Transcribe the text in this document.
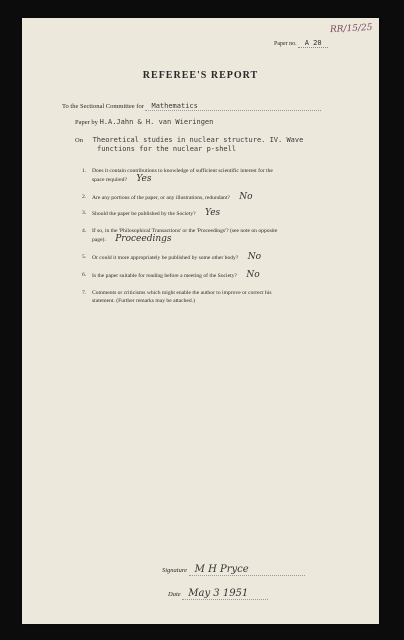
RR/15/25
Paper no. A 20
REFEREE'S REPORT
To the Sectional Committee for Mathematics
Paper by H.A.Jahn & H. van Wieringen
On Theoretical studies in nuclear structure. IV. Wave
functions for the nuclear p-shell
1. Does it contain contributions to knowledge of sufficient scientific interest for the
space required? Yes
2. Are any portions of the paper, or any illustrations, redundant? No
3. Should the paper be published by the Society? Yes
4. If so, in the 'Philosophical Transactions' or the 'Proceedings'? (see note on opposite
page). Proceedings
5. Or could it more appropriately be published by some other body? No
6. Is the paper suitable for reading before a meeting of the Society? No
7. Comments or criticisms which might enable the author to improve or correct his
statement. (Further remarks may be attached.)
Signature M H Pryce
Date May 3 1951
